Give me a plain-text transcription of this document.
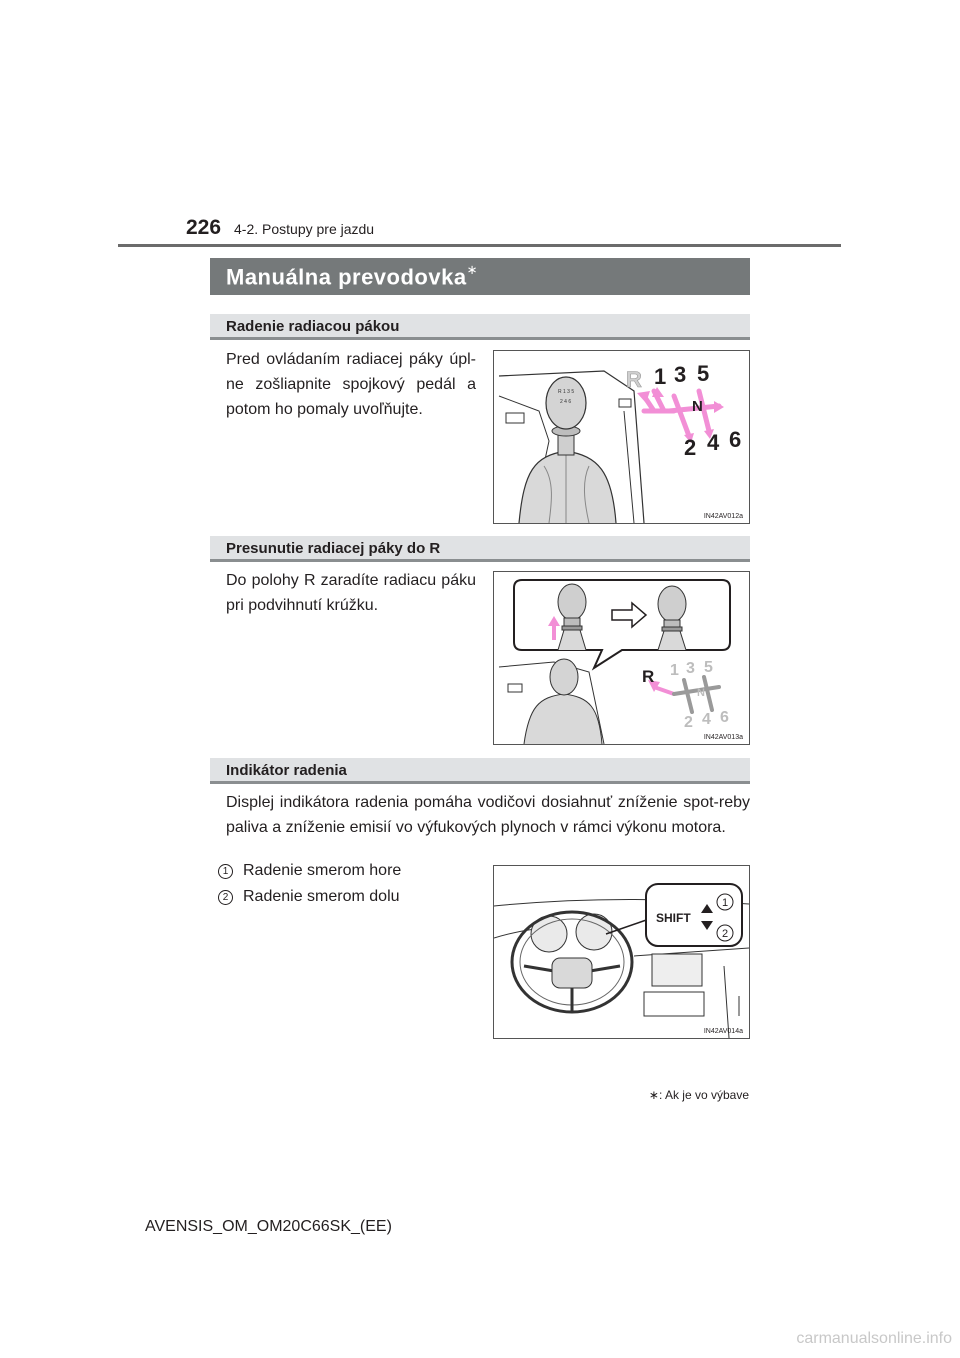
226 4-2. Postupy pre jazdu
Manuálna prevodovka∗
Radenie radiacou pákou
Pred ovládaním radiacej páky úpl-ne zošliapnite spojkový pedál a potom ho pomaly uvoľňujte.
R 1 3 5
2 4 6
R 1 3 5
N
2 4 6
IN42AV012a
Presunutie radiacej páky do R
Do polohy R zaradíte radiacu páku pri podvihnutí krúžku.
R 1 3 5
N
2 4 6
IN42AV013a
Indikátor radenia
Displej indikátora radenia pomáha vodičovi dosiahnuť zníženie spot-reby paliva a zníženie emisií vo výfukových plynoch v rámci výkonu motora.
1 Radenie smerom hore
2 Radenie smerom dolu
SHIFT
1
2
IN42AV014a
∗: Ak je vo výbave
AVENSIS_OM_OM20C66SK_(EE)
carmanualsonline.info
